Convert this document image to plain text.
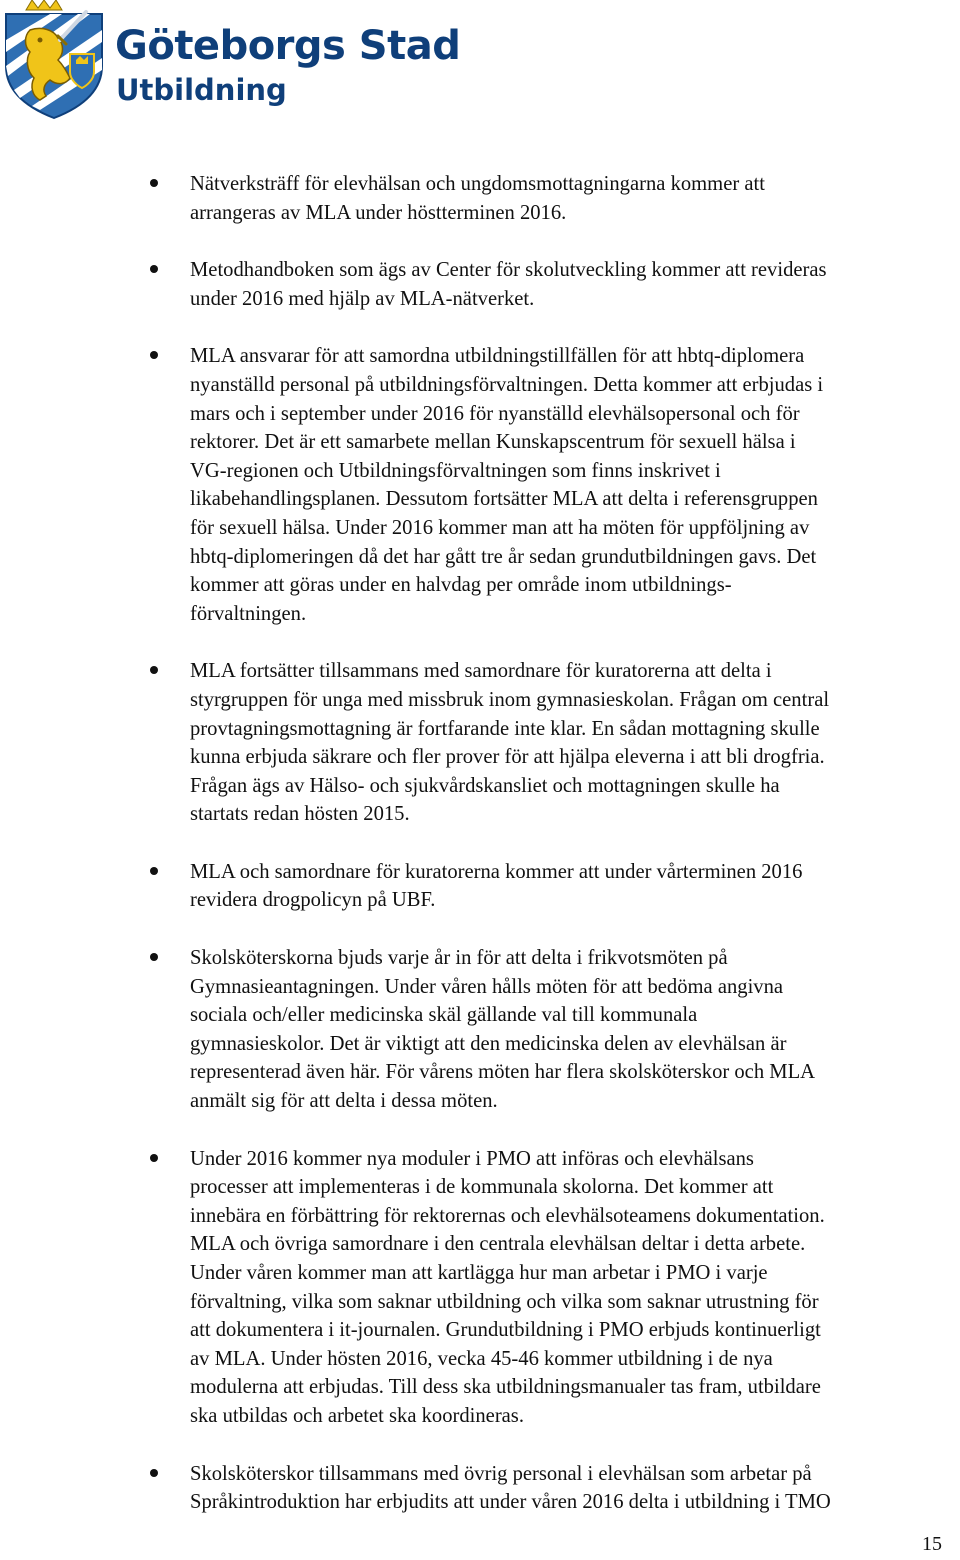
Göteborgs Stad
Utbildning
Nätverksträff för elevhälsan och ungdomsmottagningarna kommer att
arrangeras av MLA under höstterminen 2016.
Metodhandboken som ägs av Center för skolutveckling kommer att revideras
under 2016 med hjälp av MLA-nätverket.
MLA ansvarar för att samordna utbildningstillfällen för att hbtq-diplomera
nyanställd personal på utbildningsförvaltningen. Detta kommer att erbjudas i
mars och i september under 2016 för nyanställd elevhälsopersonal och för
rektorer. Det är ett samarbete mellan Kunskapscentrum för sexuell hälsa i
VG-regionen och Utbildningsförvaltningen som finns inskrivet i
likabehandlingsplanen. Dessutom fortsätter MLA att delta i referensgruppen
för sexuell hälsa. Under 2016 kommer man att ha möten för uppföljning av
hbtq-diplomeringen då det har gått tre år sedan grundutbildningen gavs. Det
kommer att göras under en halvdag per område inom utbildnings-
förvaltningen.
MLA fortsätter tillsammans med samordnare för kuratorerna att delta i
styrgruppen för unga med missbruk inom gymnasieskolan. Frågan om central
provtagningsmottagning är fortfarande inte klar. En sådan mottagning skulle
kunna erbjuda säkrare och fler prover för att hjälpa eleverna i att bli drogfria.
Frågan ägs av Hälso- och sjukvårdskansliet och mottagningen skulle ha
startats redan hösten 2015.
MLA och samordnare för kuratorerna kommer att under vårterminen 2016
revidera drogpolicyn på UBF.
Skolsköterskorna bjuds varje år in för att delta i frikvotsmöten på
Gymnasieantagningen. Under våren hålls möten för att bedöma angivna
sociala och/eller medicinska skäl gällande val till kommunala
gymnasieskolor. Det är viktigt att den medicinska delen av elevhälsan är
representerad även här. För vårens möten har flera skolsköterskor och MLA
anmält sig för att delta i dessa möten.
Under 2016 kommer nya moduler i PMO att införas och elevhälsans
processer att implementeras i de kommunala skolorna. Det kommer att
innebära en förbättring för rektorernas och elevhälsoteamens dokumentation.
MLA och övriga samordnare i den centrala elevhälsan deltar i detta arbete.
Under våren kommer man att kartlägga hur man arbetar i PMO i varje
förvaltning, vilka som saknar utbildning och vilka som saknar utrustning för
att dokumentera i it-journalen. Grundutbildning i PMO erbjuds kontinuerligt
av MLA. Under hösten 2016, vecka 45-46 kommer utbildning i de nya
modulerna att erbjudas. Till dess ska utbildningsmanualer tas fram, utbildare
ska utbildas och arbetet ska koordineras.
Skolsköterskor tillsammans med övrig personal i elevhälsan som arbetar på
Språkintroduktion har erbjudits att under våren 2016 delta i utbildning i TMO
15
